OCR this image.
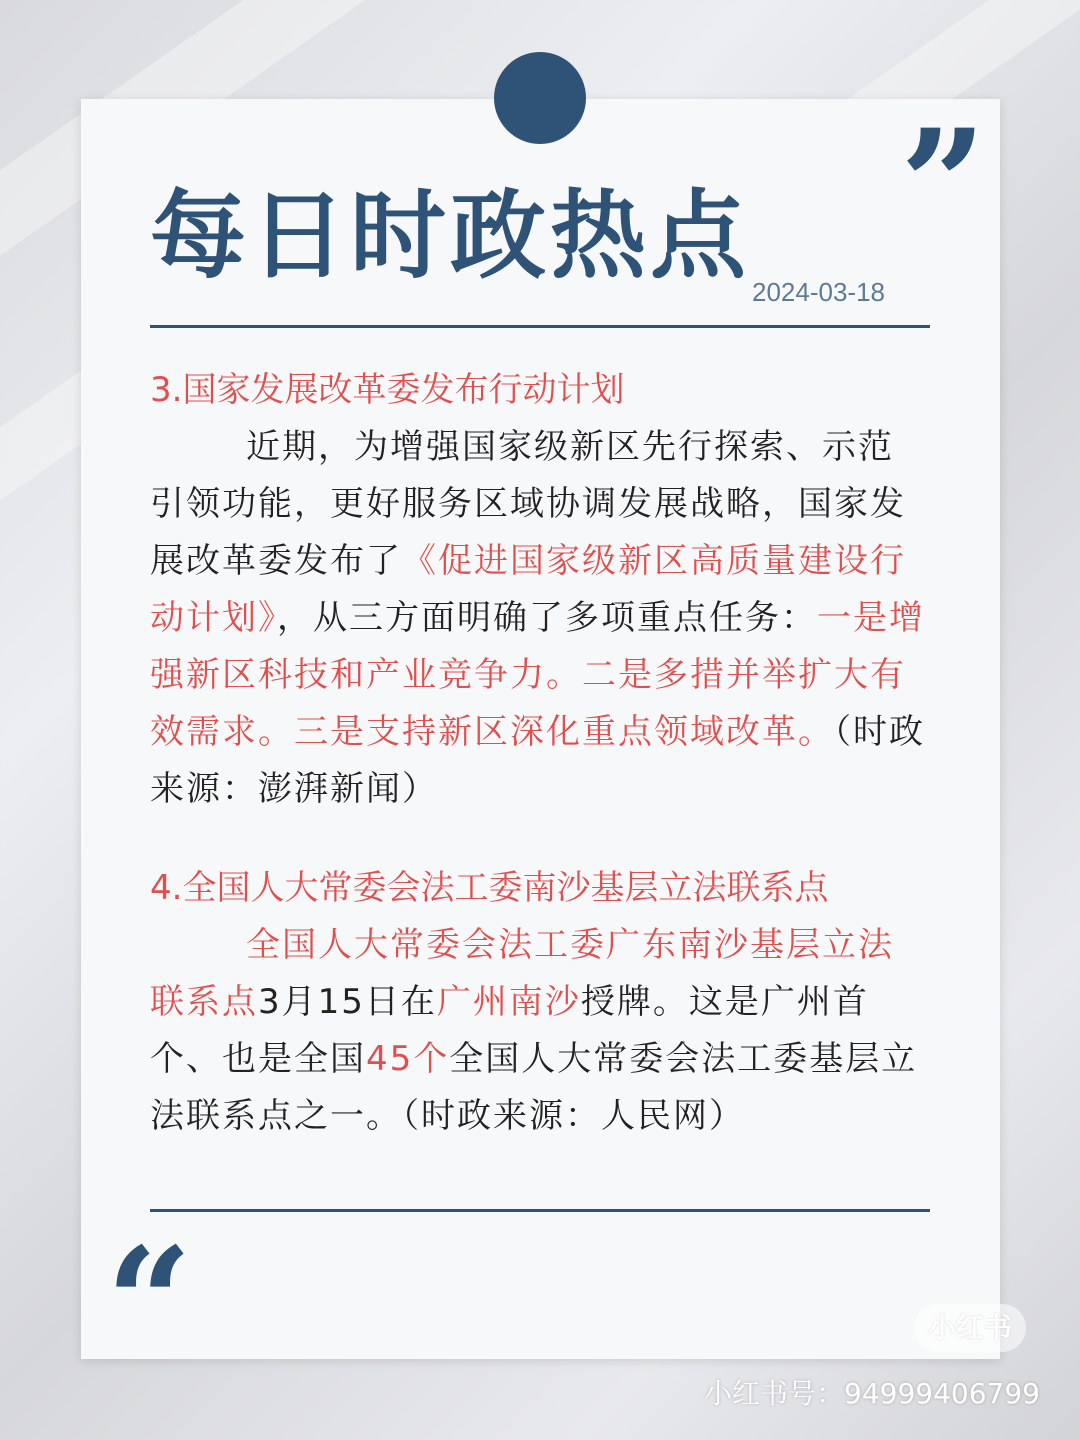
”
每日时政热点 2024-03-18
3.国家发展改革委发布行动计划
近期，为增强国家级新区先行探索、示范引领功能，更好服务区域协调发展战略，国家发展改革委发布了《促进国家级新区高质量建设行动计划》，从三方面明确了多项重点任务：一是增强新区科技和产业竞争力。二是多措并举扩大有效需求。三是支持新区深化重点领域改革。（时政来源：澎湃新闻）
4.全国人大常委会法工委南沙基层立法联系点
全国人大常委会法工委广东南沙基层立法联系点3月15日在广州南沙授牌。这是广州首个、也是全国45个全国人大常委会法工委基层立法联系点之一。（时政来源：人民网）
“	小红书
小红书号：94999406799
